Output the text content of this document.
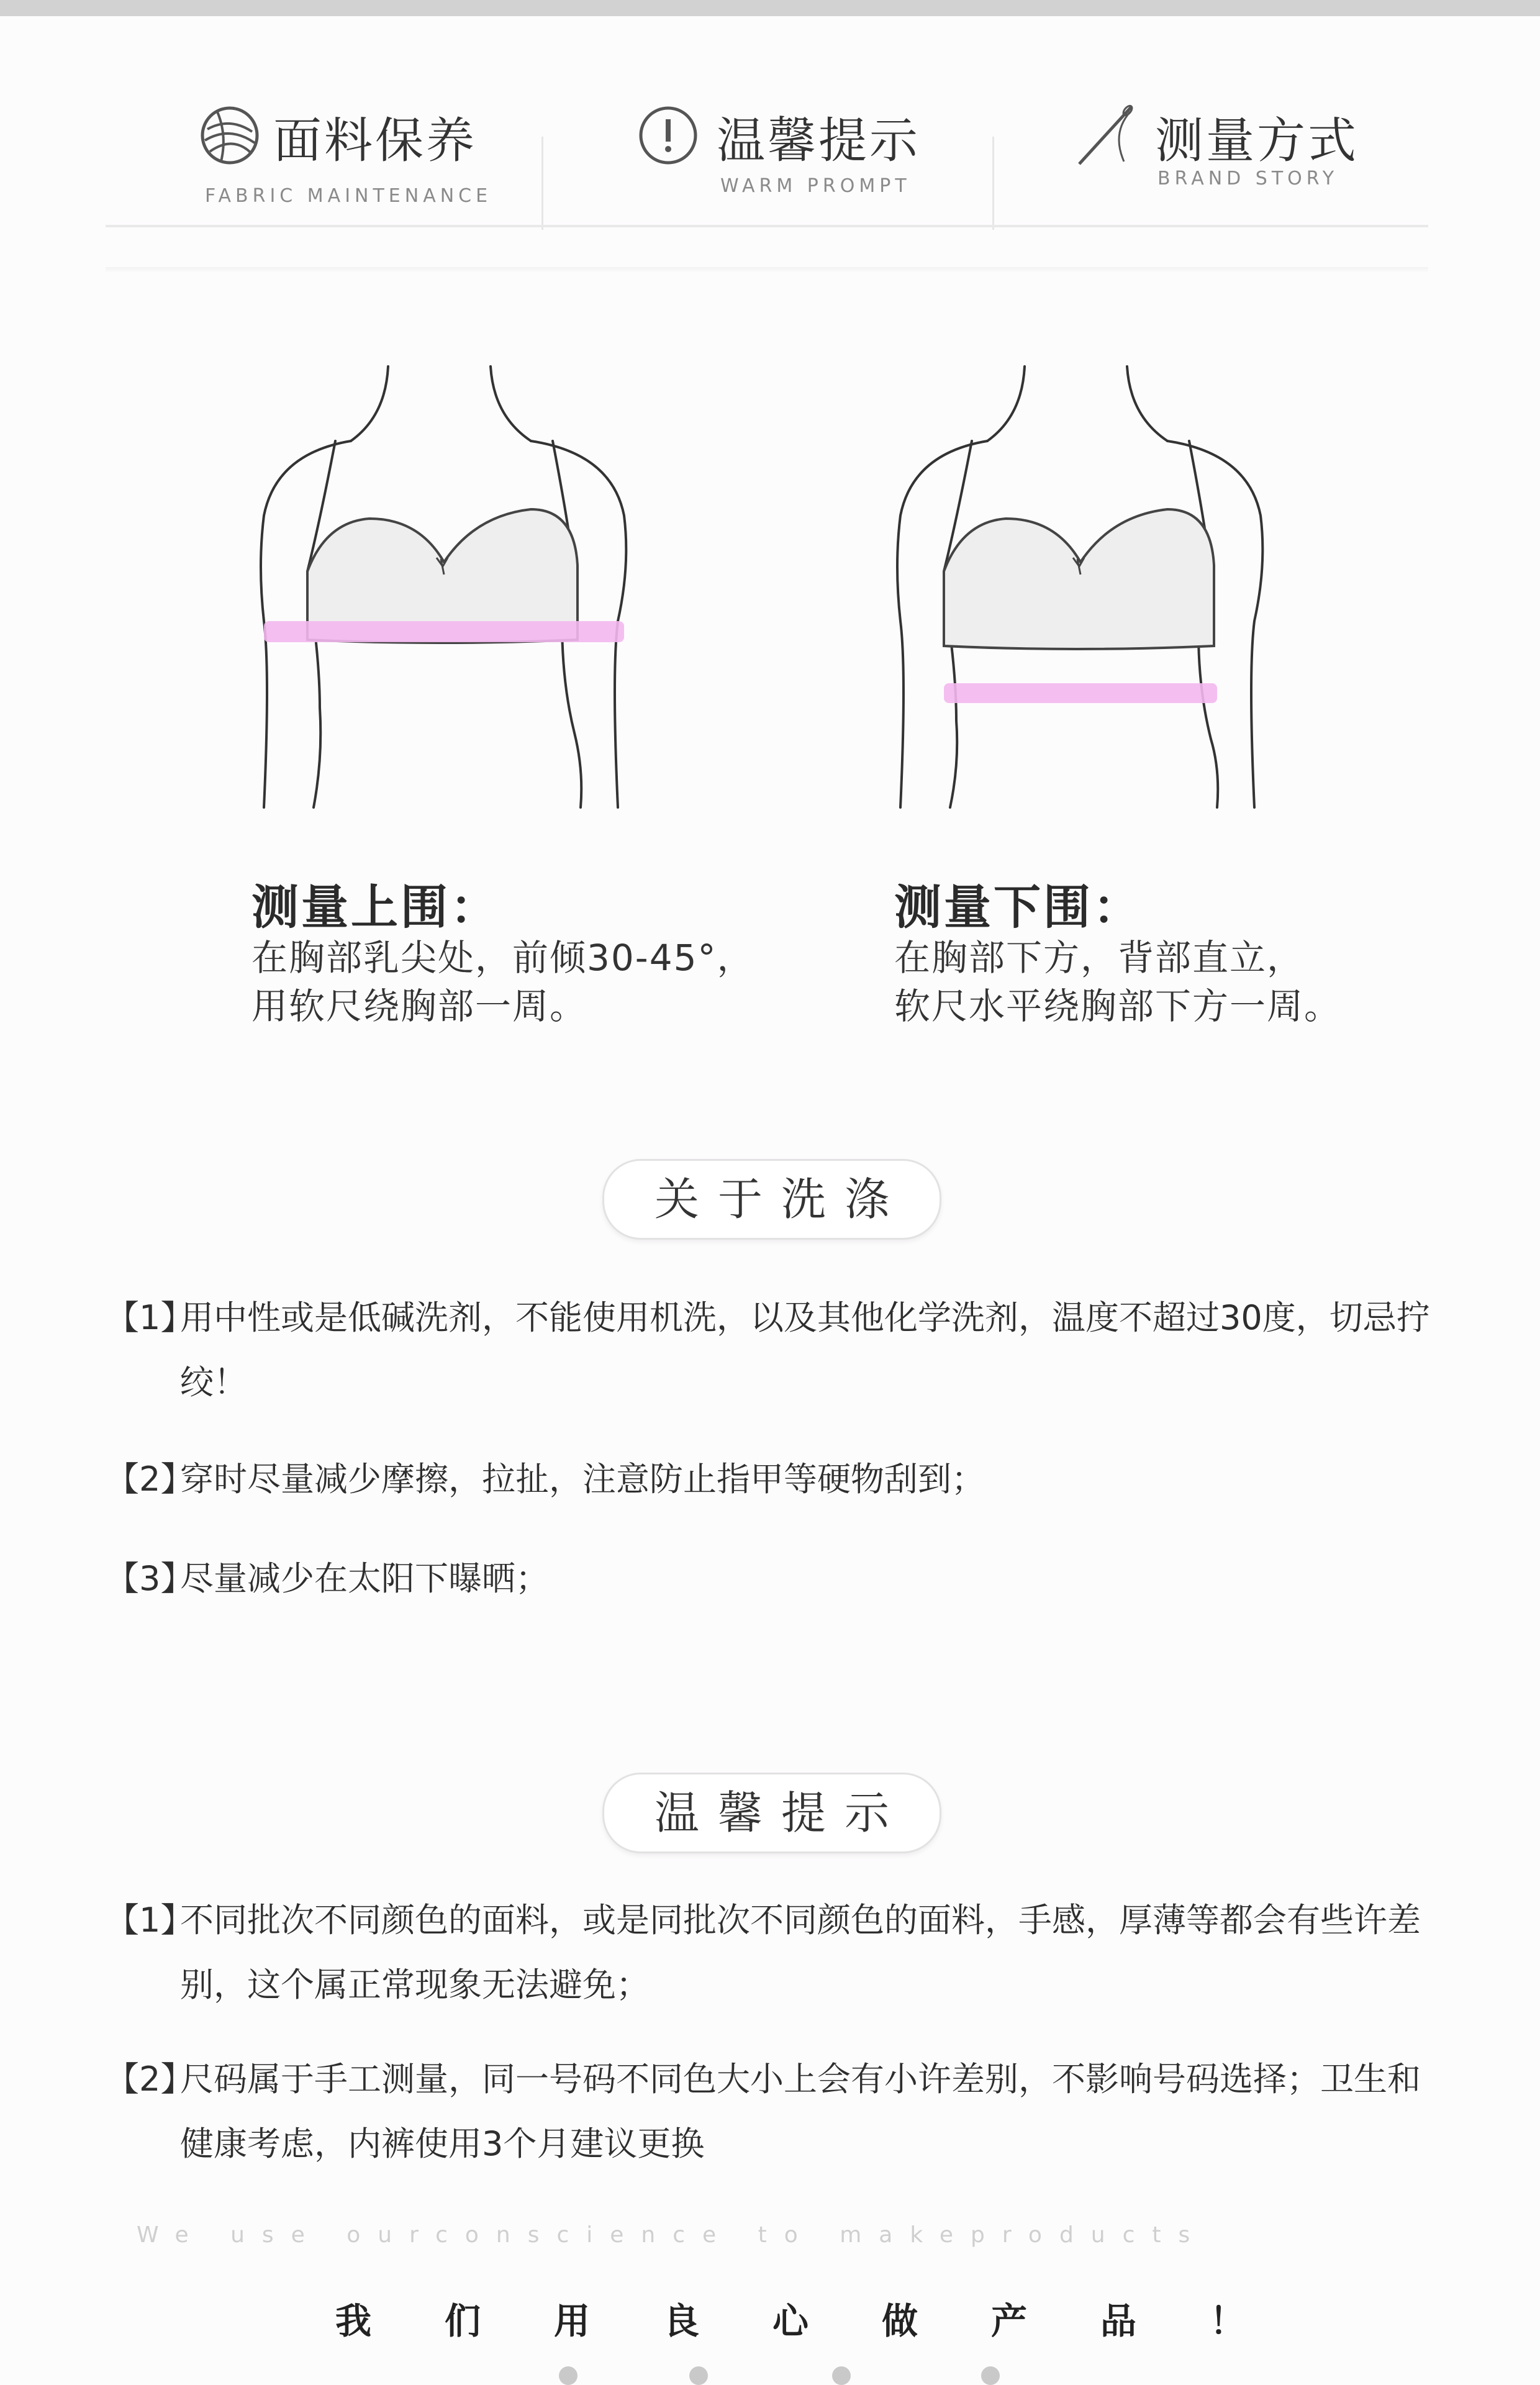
面料保养
FABRIC MAINTENANCE
温馨提示
WARM PROMPT
测量方式
BRAND STORY
测量上围：
在胸部乳尖处，前倾30-45°，
用软尺绕胸部一周。
测量下围：
在胸部下方，背部直立，
软尺水平绕胸部下方一周。
关于洗涤
【1】
用中性或是低碱洗剂，不能使用机洗，以及其他化学洗剂，温度不超过30度，切忌拧绞！
【2】
穿时尽量减少摩擦，拉扯，注意防止指甲等硬物刮到；
【3】
尽量减少在太阳下曝晒；
温馨提示
【1】
不同批次不同颜色的面料，或是同批次不同颜色的面料，手感，厚薄等都会有些许差别，这个属正常现象无法避免；
【2】
尺码属于手工测量，同一号码不同色大小上会有小许差别，不影响号码选择；卫生和健康考虑，内裤使用3个月建议更换
We use ourconscience to makeproducts
我们用良心做产品！
